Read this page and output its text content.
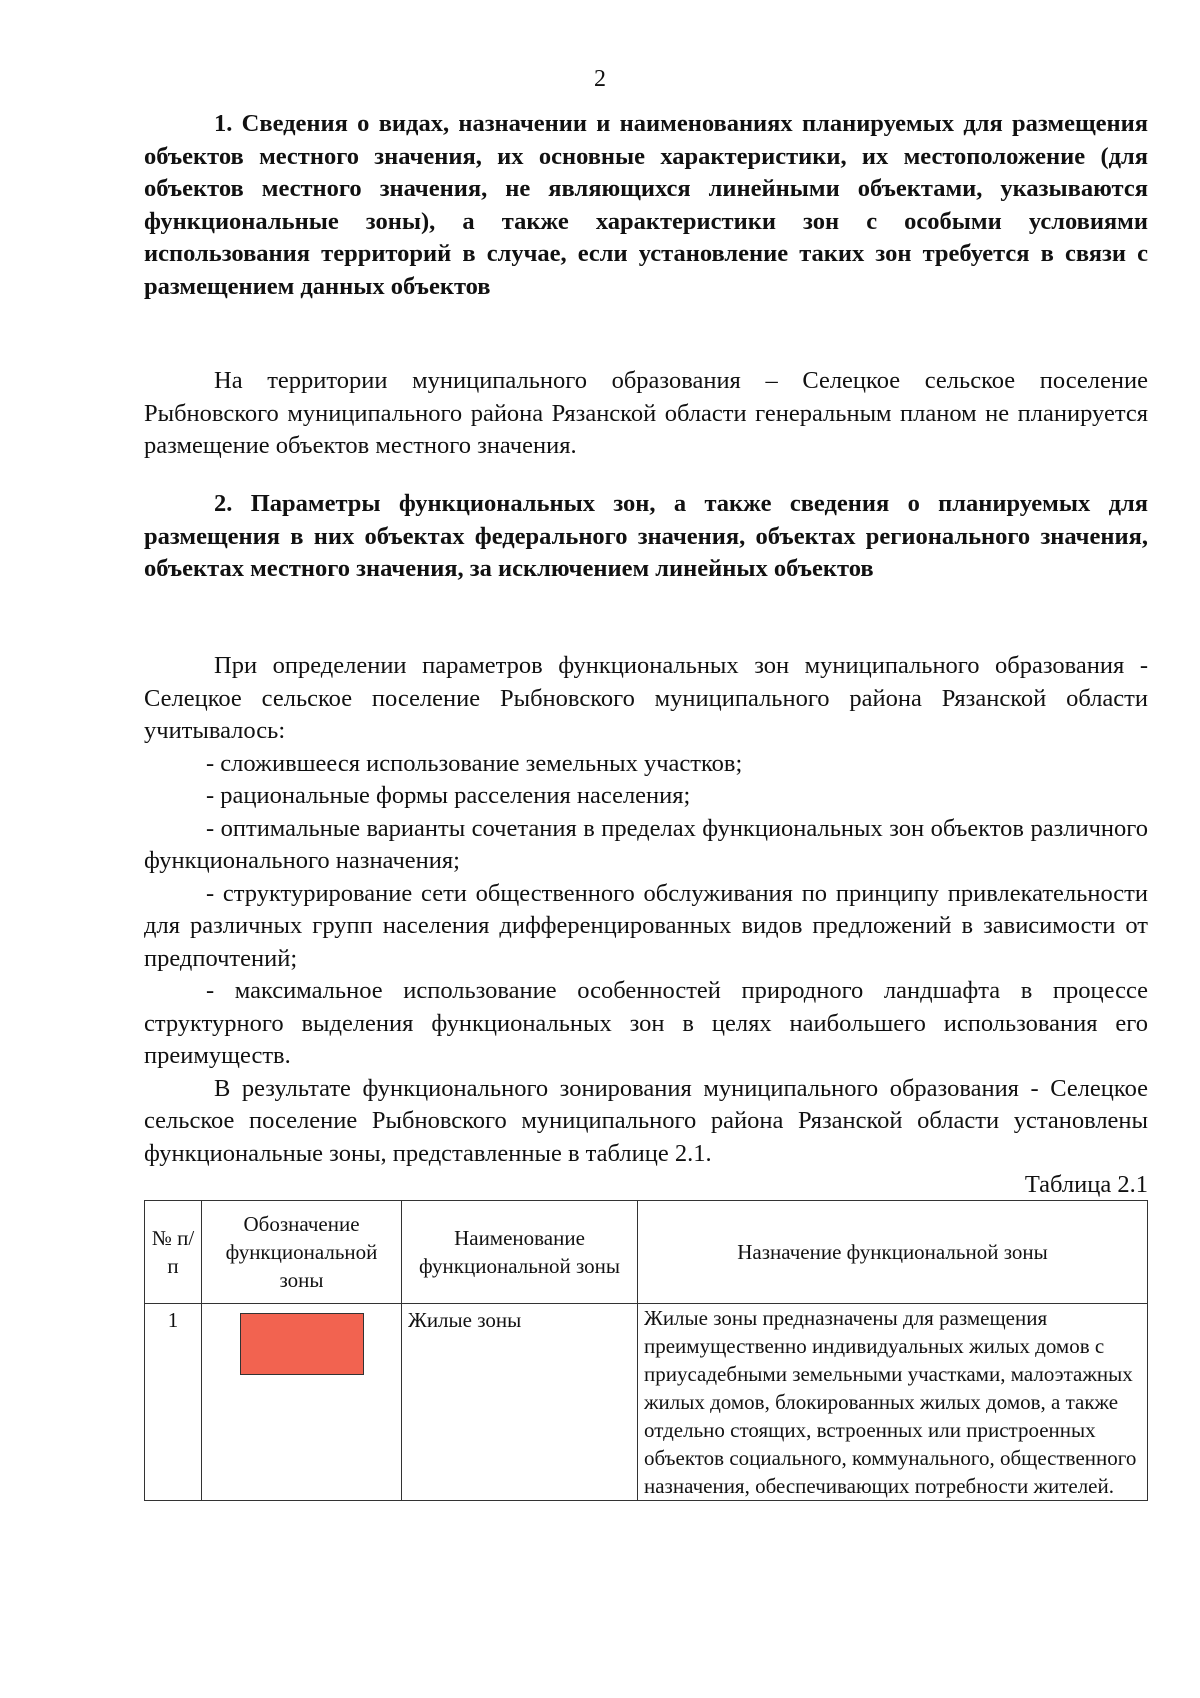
2

1. Сведения о видах, назначении и наименованиях планируемых для размещения объектов местного значения, их основные характеристики, их местоположение (для объектов местного значения, не являющихся линейными объектами, указываются функциональные зоны), а также характеристики зон с особыми условиями использования территорий в случае, если установление таких зон требуется в связи с размещением данных объектов

На территории муниципального образования – Селецкое сельское поселение Рыбновского муниципального района Рязанской области генеральным планом не планируется размещение объектов местного значения.

2. Параметры функциональных зон, а также сведения о планируемых для размещения в них объектах федерального значения, объектах регионального значения, объектах местного значения, за исключением линейных объектов

При определении параметров функциональных зон муниципального образования - Селецкое сельское поселение Рыбновского муниципального района Рязанской области учитывалось:

- сложившееся использование земельных участков;

- рациональные формы расселения населения;

- оптимальные варианты сочетания в пределах функциональных зон объектов различного функционального назначения;

- структурирование сети общественного обслуживания по принципу привлекательности для различных групп населения дифференцированных видов предложений в зависимости от предпочтений;

- максимальное использование особенностей природного ландшафта в процессе структурного выделения функциональных зон в целях наибольшего использования его преимуществ.

В результате функционального зонирования муниципального образования - Селецкое сельское поселение Рыбновского муниципального района Рязанской области установлены функциональные зоны, представленные в таблице 2.1.

Таблица 2.1

№ п/п	Обозначение функциональной зоны	Наименование функциональной зоны	Назначение функциональной зоны
1		Жилые зоны	Жилые зоны предназначены для размещения преимущественно индивидуальных жилых домов с приусадебными земельными участками, малоэтажных жилых домов, блокированных жилых домов, а также отдельно стоящих, встроенных или пристроенных объектов социального, коммунального, общественного назначения, обеспечивающих потребности жителей.
